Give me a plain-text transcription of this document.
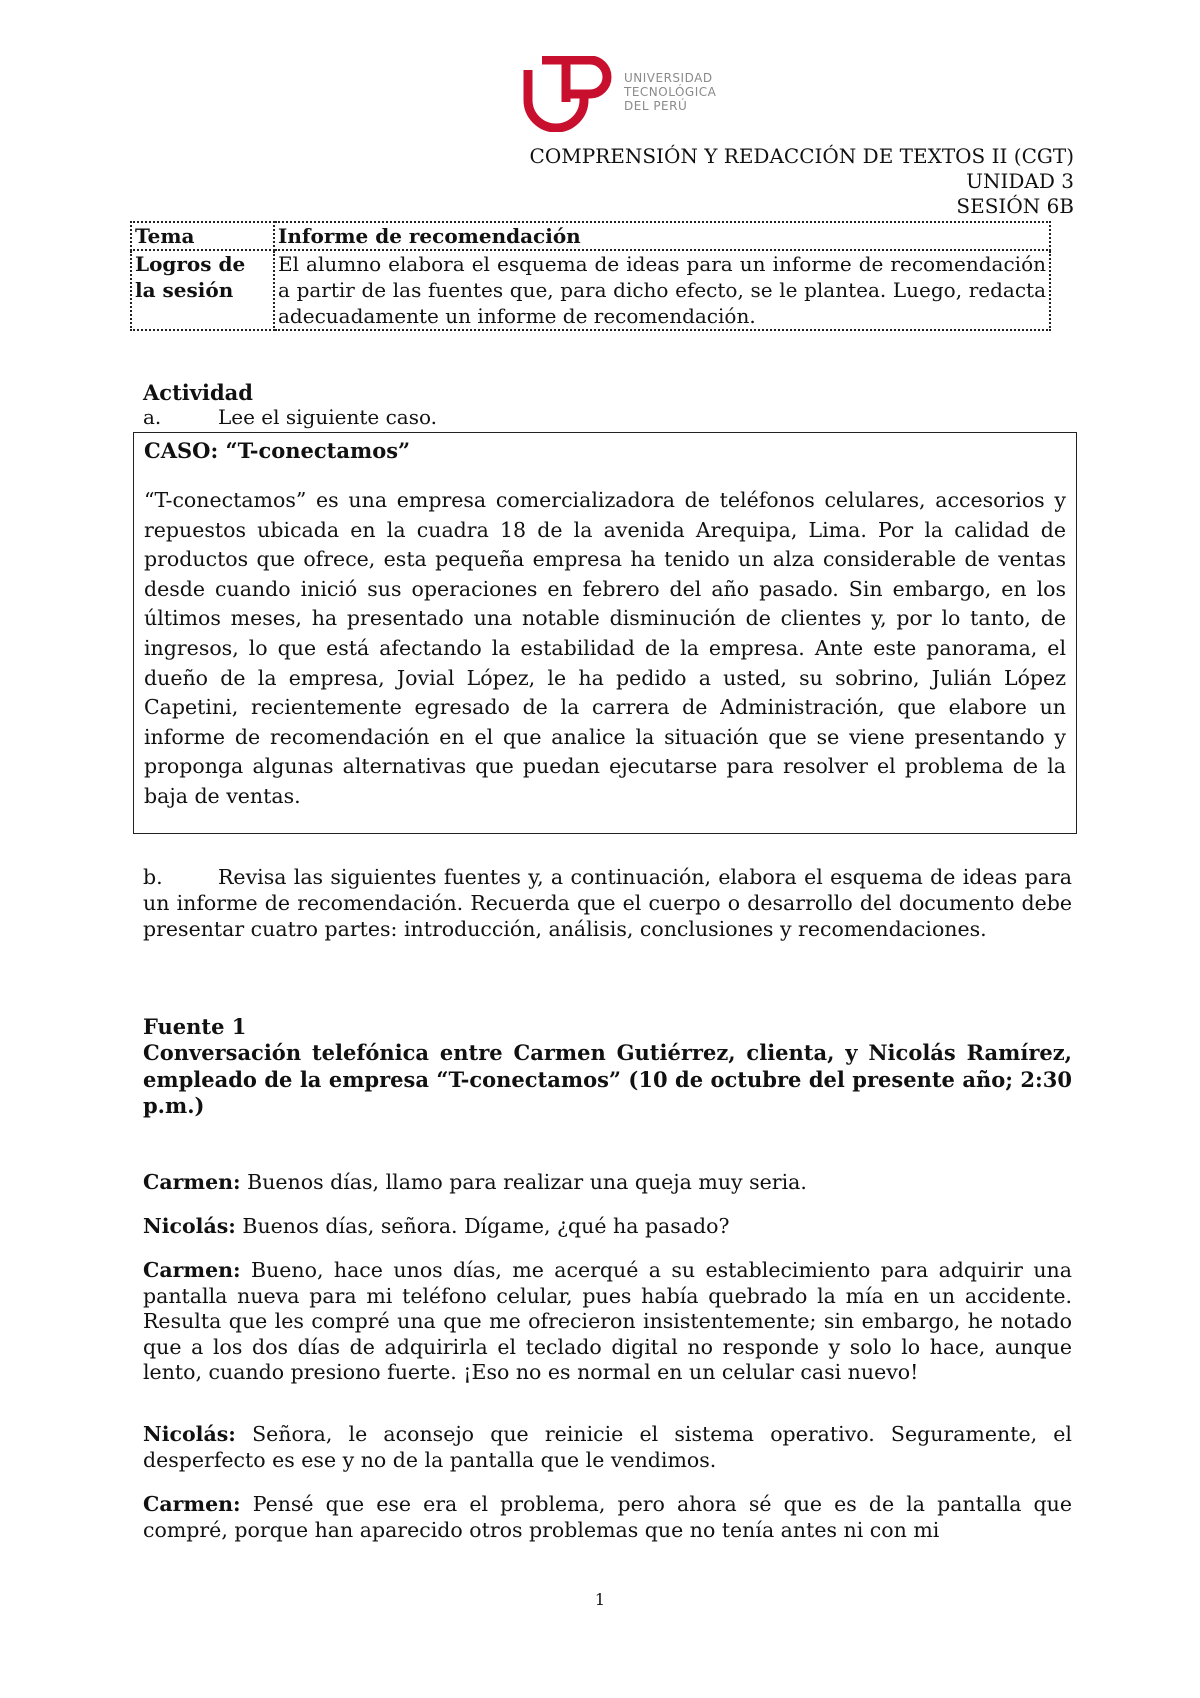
UNIVERSIDAD
TECNOLÓGICA
DEL PERÚ
COMPRENSIÓN Y REDACCIÓN DE TEXTOS II (CGT)
UNIDAD 3
SESIÓN 6B
Tema	Informe de recomendación
Logros de la sesión	El alumno elabora el esquema de ideas para un informe de recomendación a partir de las fuentes que, para dicho efecto, se le plantea. Luego, redacta adecuadamente un informe de recomendación.
Actividad
a.	Lee el siguiente caso.

CASO: “T-conectamos”

“T-conectamos” es una empresa comercializadora de teléfonos celulares, accesorios y repuestos ubicada en la cuadra 18 de la avenida Arequipa, Lima. Por la calidad de productos que ofrece, esta pequeña empresa ha tenido un alza considerable de ventas desde cuando inició sus operaciones en febrero del año pasado. Sin embargo, en los últimos meses, ha presentado una notable disminución de clientes y, por lo tanto, de ingresos, lo que está afectando la estabilidad de la empresa. Ante este panorama, el dueño de la empresa, Jovial López, le ha pedido a usted, su sobrino, Julián López Capetini, recientemente egresado de la carrera de Administración, que elabore un informe de recomendación en el que analice la situación que se viene presentando y proponga algunas alternativas que puedan ejecutarse para resolver el problema de la baja de ventas.

b.	Revisa las siguientes fuentes y, a continuación, elabora el esquema de ideas para un informe de recomendación. Recuerda que el cuerpo o desarrollo del documento debe presentar cuatro partes: introducción, análisis, conclusiones y recomendaciones.

Fuente 1

Conversación telefónica entre Carmen Gutiérrez, clienta, y Nicolás Ramírez, empleado de la empresa “T-conectamos” (10 de octubre del presente año; 2:30 p.m.)

Carmen: Buenos días, llamo para realizar una queja muy seria.

Nicolás: Buenos días, señora. Dígame, ¿qué ha pasado?

Carmen: Bueno, hace unos días, me acerqué a su establecimiento para adquirir una pantalla nueva para mi teléfono celular, pues había quebrado la mía en un accidente. Resulta que les compré una que me ofrecieron insistentemente; sin embargo, he notado que a los dos días de adquirirla el teclado digital no responde y solo lo hace, aunque lento, cuando presiono fuerte. ¡Eso no es normal en un celular casi nuevo!

Nicolás: Señora, le aconsejo que reinicie el sistema operativo. Seguramente, el desperfecto es ese y no de la pantalla que le vendimos.

Carmen: Pensé que ese era el problema, pero ahora sé que es de la pantalla que compré, porque han aparecido otros problemas que no tenía antes ni con mi

1
